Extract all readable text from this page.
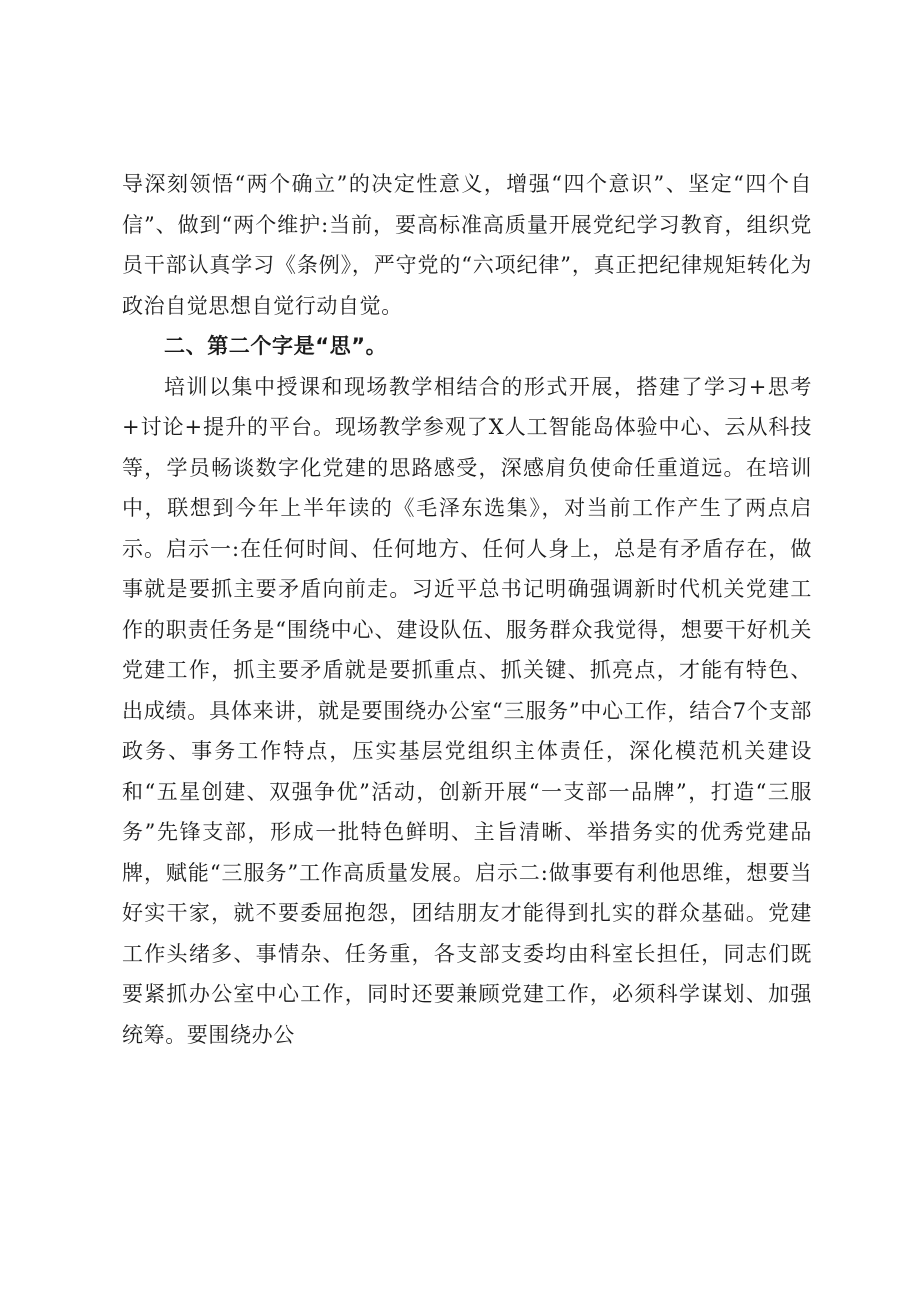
导深刻领悟“两个确立”的决定性意义，增强“四个意识”、坚定“四个自信”、做到“两个维护:当前，要高标准高质量开展党纪学习教育，组织党员干部认真学习《条例》，严守党的“六项纪律”，真正把纪律规矩转化为政治自觉思想自觉行动自觉。

二、第二个字是“思”。

培训以集中授课和现场教学相结合的形式开展，搭建了学习+思考+讨论+提升的平台。现场教学参观了X人工智能岛体验中心、云从科技等，学员畅谈数字化党建的思路感受，深感肩负使命任重道远。在培训中，联想到今年上半年读的《毛泽东选集》，对当前工作产生了两点启示。启示一:在任何时间、任何地方、任何人身上，总是有矛盾存在，做事就是要抓主要矛盾向前走。习近平总书记明确强调新时代机关党建工作的职责任务是“围绕中心、建设队伍、服务群众我觉得，想要干好机关党建工作，抓主要矛盾就是要抓重点、抓关键、抓亮点，才能有特色、出成绩。具体来讲，就是要围绕办公室“三服务”中心工作，结合7个支部政务、事务工作特点，压实基层党组织主体责任，深化模范机关建设和“五星创建、双强争优”活动，创新开展“一支部一品牌”，打造“三服务”先锋支部，形成一批特色鲜明、主旨清晰、举措务实的优秀党建品牌，赋能“三服务”工作高质量发展。启示二:做事要有利他思维，想要当好实干家，就不要委屈抱怨，团结朋友才能得到扎实的群众基础。党建工作头绪多、事情杂、任务重，各支部支委均由科室长担任，同志们既要紧抓办公室中心工作，同时还要兼顾党建工作，必须科学谋划、加强统筹。要围绕办公
